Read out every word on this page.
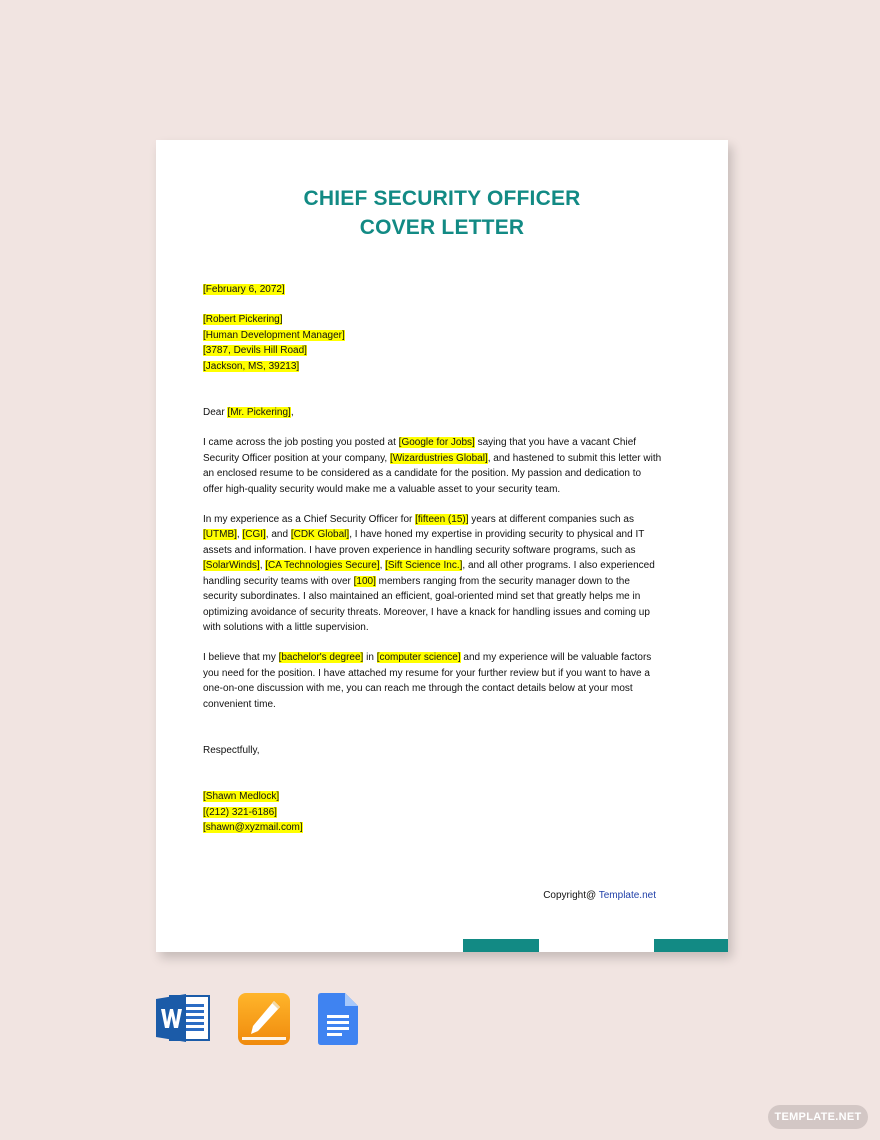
CHIEF SECURITY OFFICER
COVER LETTER

[February 6, 2072]

[Robert Pickering]

[Human Development Manager]

[3787, Devils Hill Road]

[Jackson, MS, 39213]

Dear [Mr. Pickering],

I came across the job posting you posted at [Google for Jobs] saying that you have a vacant Chief Security Officer position at your company, [Wizardustries Global], and hastened to submit this letter with an enclosed resume to be considered as a candidate for the position. My passion and dedication to offer high-quality security would make me a valuable asset to your security team.

In my experience as a Chief Security Officer for [fifteen (15)] years at different companies such as [UTMB], [CGI], and [CDK Global], I have honed my expertise in providing security to physical and IT assets and information. I have proven experience in handling security software programs, such as [SolarWinds], [CA Technologies Secure], [Sift Science Inc.], and all other programs. I also experienced handling security teams with over [100] members ranging from the security manager down to the security subordinates. I also maintained an efficient, goal-oriented mind set that greatly helps me in optimizing avoidance of security threats. Moreover, I have a knack for handling issues and coming up with solutions with a little supervision.

I believe that my [bachelor's degree] in [computer science] and my experience will be valuable factors you need for the position. I have attached my resume for your further review but if you want to have a one-on-one discussion with me, you can reach me through the contact details below at your most convenient time.

Respectfully,

[Shawn Medlock]

[(212) 321-6186]

[shawn@xyzmail.com]

Copyright@ Template.net
TEMPLATE.NET
